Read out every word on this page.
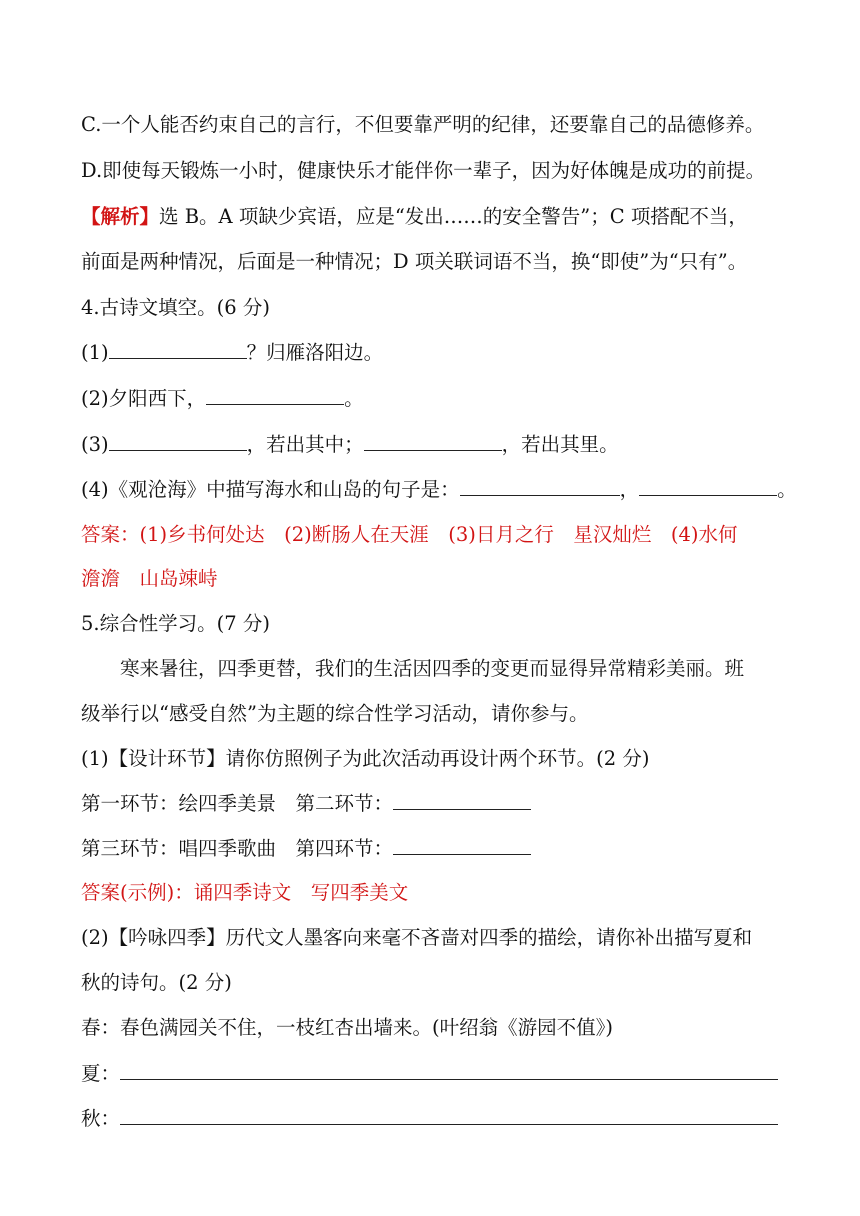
C.一个人能否约束自己的言行，不但要靠严明的纪律，还要靠自己的品德修养。
D.即使每天锻炼一小时，健康快乐才能伴你一辈子，因为好体魄是成功的前提。
【解析】选 B。A 项缺少宾语，应是“发出……的安全警告”；C 项搭配不当，
前面是两种情况，后面是一种情况；D 项关联词语不当，换“即使”为“只有”。
4.古诗文填空。(6 分)
(1)	？归雁洛阳边。
(2)夕阳西下，	。
(3)	，若出其中；	，若出其里。
(4)《观沧海》中描写海水和山岛的句子是：	，	。
答案：(1)乡书何处达　(2)断肠人在天涯　(3)日月之行　星汉灿烂　(4)水何
澹澹　山岛竦峙
5.综合性学习。(7 分)
寒来暑往，四季更替，我们的生活因四季的变更而显得异常精彩美丽。班
级举行以“感受自然”为主题的综合性学习活动，请你参与。
(1)【设计环节】请你仿照例子为此次活动再设计两个环节。(2 分)
第一环节：绘四季美景　第二环节：
第三环节：唱四季歌曲　第四环节：
答案(示例)：诵四季诗文　写四季美文
(2)【吟咏四季】历代文人墨客向来毫不吝啬对四季的描绘，请你补出描写夏和
秋的诗句。(2 分)
春：春色满园关不住，一枝红杏出墙来。(叶绍翁《游园不值》)
夏：
秋：
